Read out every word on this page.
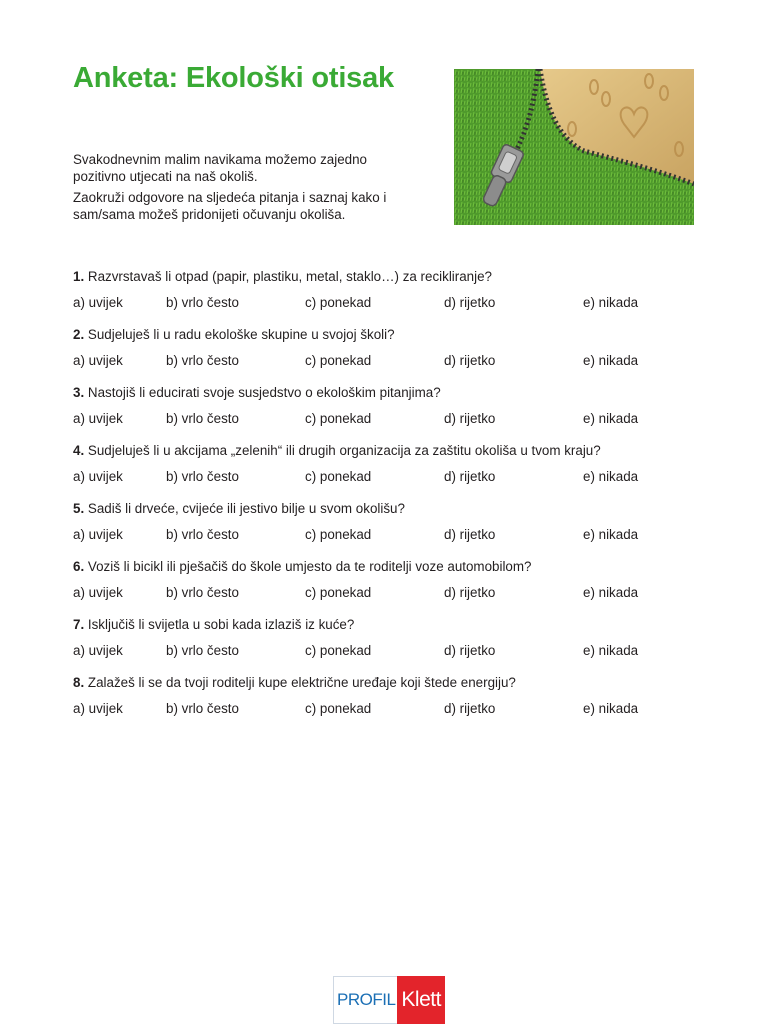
Anketa: Ekološki otisak

Svakodnevnim malim navikama možemo zajedno pozitivno utjecati na naš okoliš.

Zaokruži odgovore na sljedeća pitanja i saznaj kako i sam/sama možeš pridonijeti očuvanju okoliša.

1. Razvrstavaš li otpad (papir, plastiku, metal, staklo…) za recikliranje?
a) uvijek	b) vrlo često	c) ponekad	d) rijetko	e) nikada
2. Sudjeluješ li u radu ekološke skupine u svojoj školi?
a) uvijek	b) vrlo često	c) ponekad	d) rijetko	e) nikada
3. Nastojiš li educirati svoje susjedstvo o ekološkim pitanjima?
a) uvijek	b) vrlo često	c) ponekad	d) rijetko	e) nikada
4. Sudjeluješ li u akcijama „zelenih“ ili drugih organizacija za zaštitu okoliša u tvom kraju?
a) uvijek	b) vrlo često	c) ponekad	d) rijetko	e) nikada
5. Sadiš li drveće, cvijeće ili jestivo bilje u svom okolišu?
a) uvijek	b) vrlo često	c) ponekad	d) rijetko	e) nikada
6. Voziš li bicikl ili pješačiš do škole umjesto da te roditelji voze automobilom?
a) uvijek	b) vrlo često	c) ponekad	d) rijetko	e) nikada
7. Isključiš li svijetla u sobi kada izlaziš iz kuće?
a) uvijek	b) vrlo često	c) ponekad	d) rijetko	e) nikada
8. Zalažeš li se da tvoji roditelji kupe električne uređaje koji štede energiju?
a) uvijek	b) vrlo često	c) ponekad	d) rijetko	e) nikada
PROFIL Klett
